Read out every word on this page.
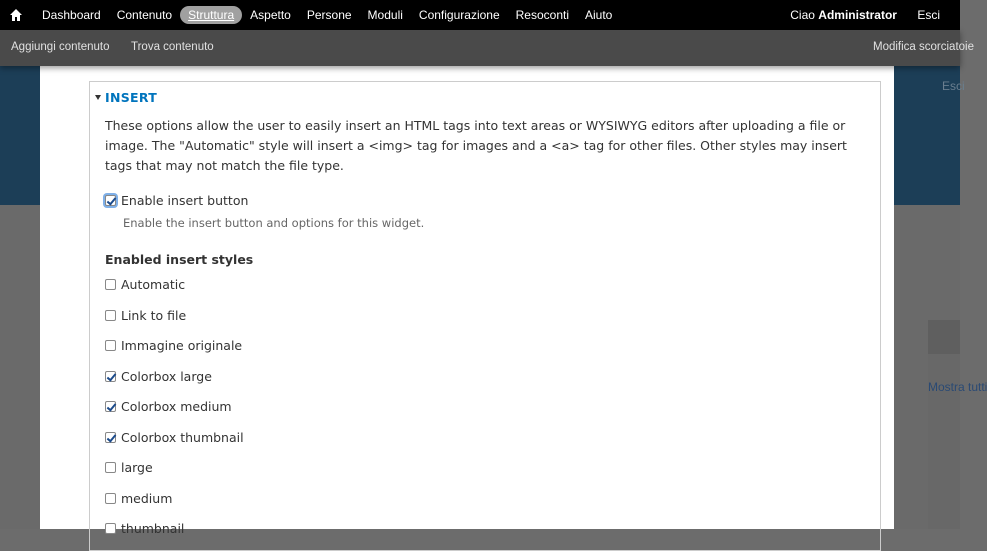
Dashboard	Contenuto	Struttura	Aspetto	Persone	Moduli	Configurazione	Resoconti	Aiuto	Ciao Administrator Esci
Aggiungi contenuto Trova contenuto	Modifica scorciatoie
Esci
Mostra tutti
INSERT
These options allow the user to easily insert an HTML tags into text areas or WYSIWYG editors after uploading a file or image. The "Automatic" style will insert a <img> tag for images and a <a> tag for other files. Other styles may insert tags that may not match the file type.
Enable insert button
Enable the insert button and options for this widget.
Enabled insert styles
Automatic
Link to file
Immagine originale
Colorbox large
Colorbox medium
Colorbox thumbnail
large
medium
thumbnail
